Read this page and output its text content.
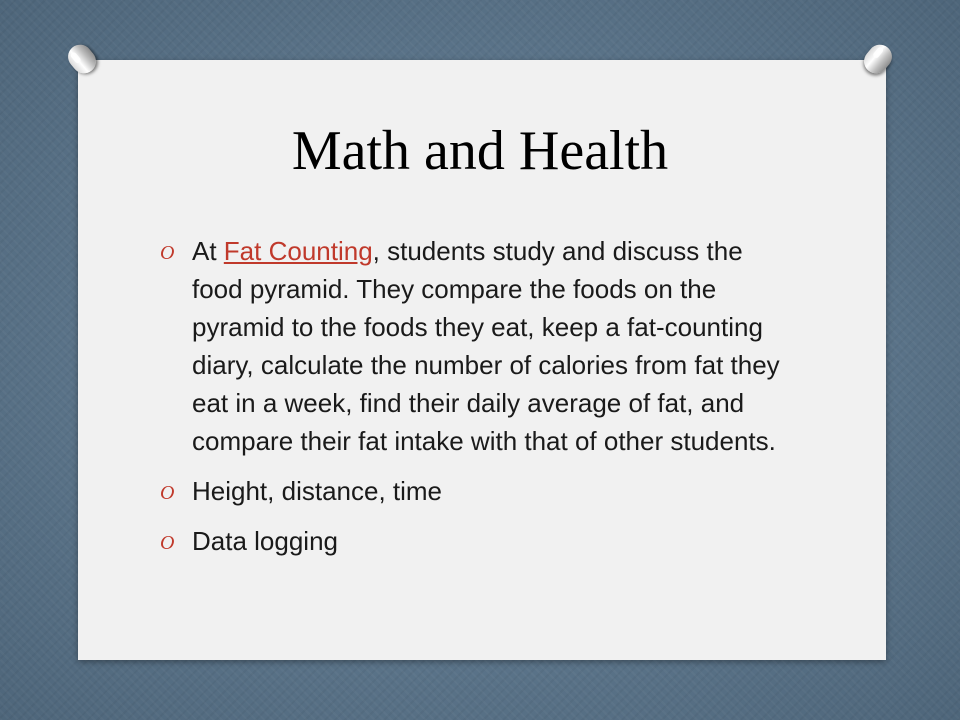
Math and Health
O At Fat Counting, students study and discuss the food pyramid. They compare the foods on the pyramid to the foods they eat, keep a fat-counting diary, calculate the number of calories from fat they eat in a week, find their daily average of fat, and compare their fat intake with that of other students.
O Height, distance, time
O Data logging
